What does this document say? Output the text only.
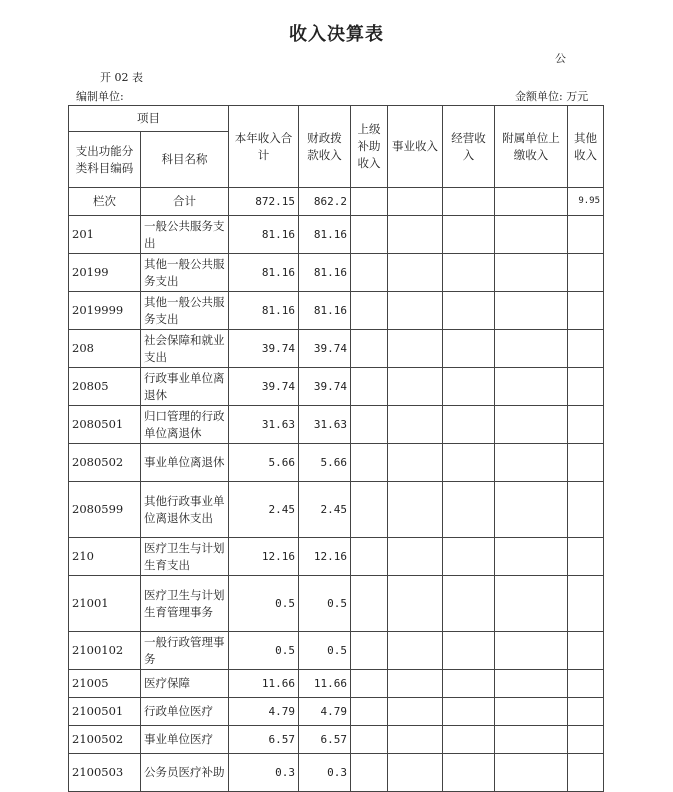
收入决算表
公
开 02 表
编制单位:	金额单位: 万元
项目		本年收入合计	财政拨款收入	上级补助收入	事业收入	经营收入	附属单位上缴收入	其他收入
支出功能分类科目编码	科目名称							
栏次	合计	872.15	862.2					9.95
201	一般公共服务支出	81.16	81.16					
20199	其他一般公共服务支出	81.16	81.16					
2019999	其他一般公共服务支出	81.16	81.16					
208	社会保障和就业支出	39.74	39.74					
20805	行政事业单位离退休	39.74	39.74					
2080501	归口管理的行政单位离退休	31.63	31.63					
2080502	事业单位离退休	5.66	5.66					
2080599	其他行政事业单位离退休支出	2.45	2.45					
210	医疗卫生与计划生育支出	12.16	12.16					
21001	医疗卫生与计划生育管理事务	0.5	0.5					
2100102	一般行政管理事务	0.5	0.5					
21005	医疗保障	11.66	11.66					
2100501	行政单位医疗	4.79	4.79					
2100502	事业单位医疗	6.57	6.57					
2100503	公务员医疗补助	0.3	0.3					
